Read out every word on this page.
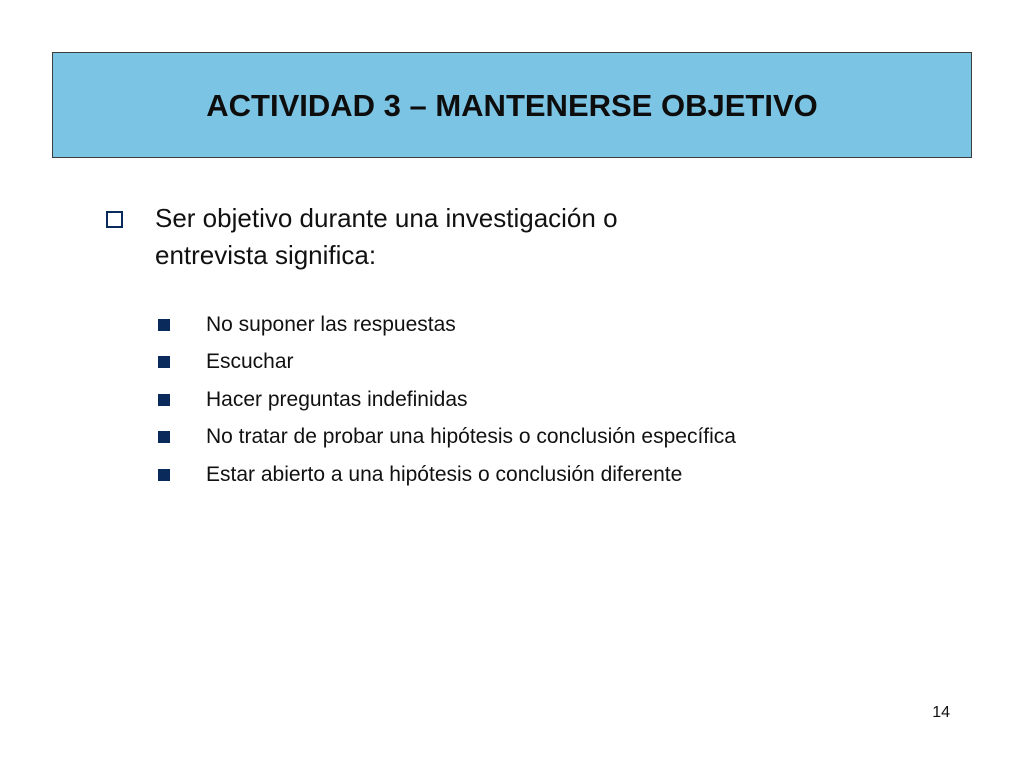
ACTIVIDAD 3 – MANTENERSE OBJETIVO
Ser objetivo durante una investigación o entrevista significa:
No suponer las respuestas
Escuchar
Hacer preguntas indefinidas
No tratar de probar una hipótesis o conclusión específica
Estar abierto a una hipótesis o conclusión diferente
14
